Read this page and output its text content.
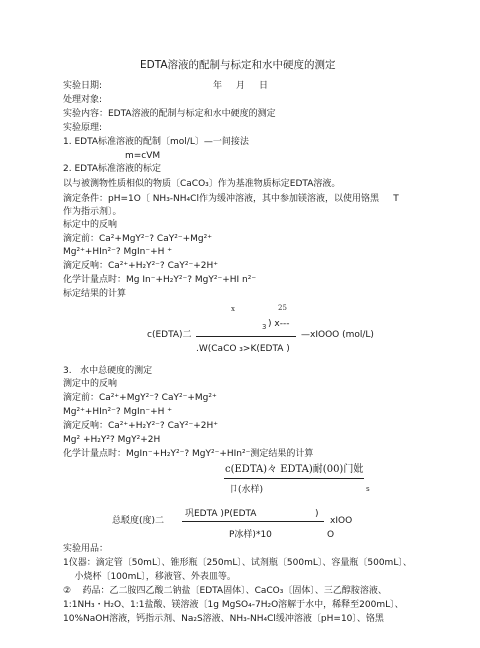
EDTA溶液的配制与标定和水中硬度的测定
实验日期:	年 月 日
处理对象:
实验内容：EDTA溶液的配制与标定和水中硬度的测定
实验原理:
1. EDTA标准溶液的配制〔mol/L〕—一间接法
m=cVM
2. EDTA标准溶液的标定
以与被测物性质相似的物质〔CaCO₃〕作为基准物质标定EDTA溶液。
滴定条件：pH=1O〔 NH₃-NH₄Cl作为缓冲溶液，其中参加镁溶液，以使用铬黑     T
作为指示剂〕。
标定中的反响
滴定前：Ca²+MgY²⁻? CaY²⁻+Mg²⁺
Mg²⁺+HIn²⁻? MgIn⁻+H ⁺
滴定反响：Ca²⁺+H₂Y²⁻? CaY²⁻+2H⁺
化学计量点时：Mg In⁻+H₂Y²⁻? MgY²⁻+HI n²⁻
标定结果的计算
x	25
3 ) x---
c(EDTA)二	—xIOOO (mol/L)
.W(CaCO ₃>K(EDTA )
3.   水中总硬度的测定
测定中的反响
滴定前：Ca²⁺+MgY²⁻? CaY²⁻+Mg²⁺
Mg²⁺+HIn²⁻? MgIn⁻+H ⁺
滴定反响：Ca²⁺+H₂Y²⁻? CaY²⁻+2H⁺
Mg² +H₂Y²? MgY²+2H
化学计量点时：MgIn⁻+H₂Y²⁻? MgY²⁻+HIn²⁻测定结果的计算
c(EDTA)々 EDTA)耐(00)门妣
卩(水样)	s
总駁度(度)二
巩EDTA )P(EDTA	)
xIOO
O
P冰样)*10
实验用品：
1仪器：滴定管〔50mL〕、锥形瓶〔250mL〕、试剂瓶〔500mL〕、容量瓶〔500mL〕、
小烧杯〔100mL〕，移液管、外表皿等。
②    药品：乙二胺四乙酸二钠盐〔EDTA固体〕、CaCO₃〔固体〕、三乙醇胺溶液、
1:1NH₃・H₂O、1:1盐酸、镁溶液〔1g MgSO₄-7H₂O溶解于水中，稀释至200mL〕、
10%NaOH溶液，钙指示剂、Na₂S溶液、NH₃-NH₄Cl缓冲溶液〔pH=10〕、铬黑
